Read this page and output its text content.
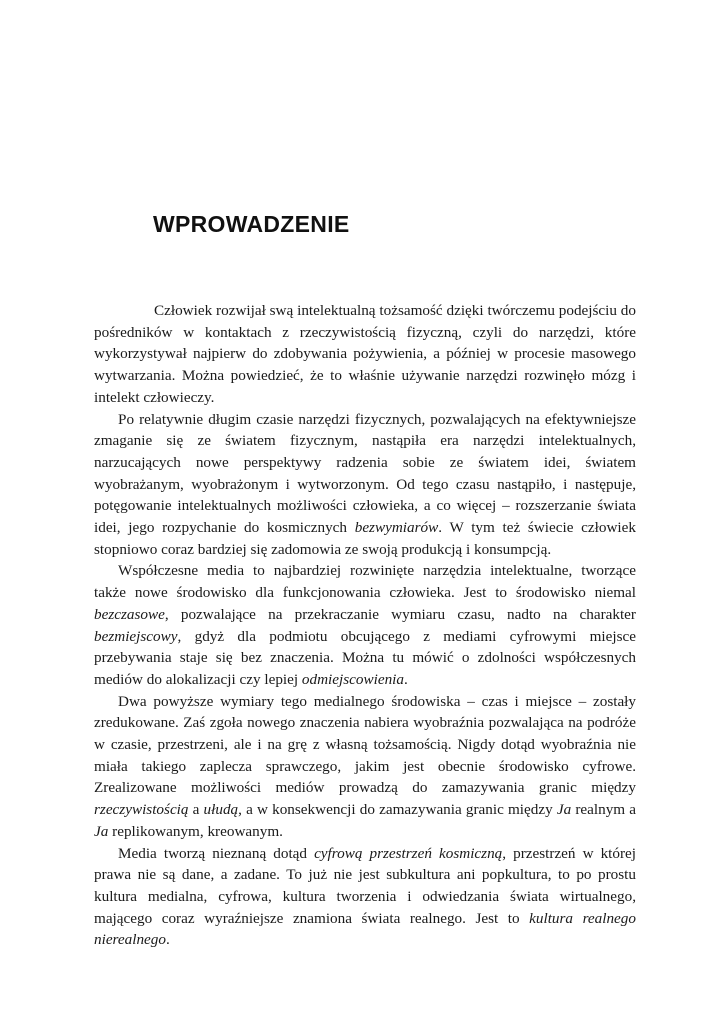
WPROWADZENIE

Człowiek rozwijał swą intelektualną tożsamość dzięki twórczemu podejściu do pośredników w kontaktach z rzeczywistością fizyczną, czyli do narzędzi, które wykorzystywał najpierw do zdobywania pożywienia, a później w procesie masowego wytwarzania. Można powiedzieć, że to właśnie używanie narzędzi rozwinęło mózg i intelekt człowieczy.

Po relatywnie długim czasie narzędzi fizycznych, pozwalających na efektywniejsze zmaganie się ze światem fizycznym, nastąpiła era narzędzi intelektualnych, narzucających nowe perspektywy radzenia sobie ze światem idei, światem wyobrażanym, wyobrażonym i wytworzonym. Od tego czasu nastąpiło, i następuje, potęgowanie intelektualnych możliwości człowieka, a co więcej – rozszerzanie świata idei, jego rozpychanie do kosmicznych bezwymiarów. W tym też świecie człowiek stopniowo coraz bardziej się zadomowia ze swoją produkcją i konsumpcją.

Współczesne media to najbardziej rozwinięte narzędzia intelektualne, tworzące także nowe środowisko dla funkcjonowania człowieka. Jest to środowisko niemal bezczasowe, pozwalające na przekraczanie wymiaru czasu, nadto na charakter bezmiejscowy, gdyż dla podmiotu obcującego z mediami cyfrowymi miejsce przebywania staje się bez znaczenia. Można tu mówić o zdolności współczesnych mediów do alokalizacji czy lepiej odmiejscowienia.

Dwa powyższe wymiary tego medialnego środowiska – czas i miejsce – zostały zredukowane. Zaś zgoła nowego znaczenia nabiera wyobraźnia pozwalająca na podróże w czasie, przestrzeni, ale i na grę z własną tożsamością. Nigdy dotąd wyobraźnia nie miała takiego zaplecza sprawczego, jakim jest obecnie środowisko cyfrowe. Zrealizowane możliwości mediów prowadzą do zamazywania granic między rzeczywistością a ułudą, a w konsekwencji do zamazywania granic między Ja realnym a Ja replikowanym, kreowanym.

Media tworzą nieznaną dotąd cyfrową przestrzeń kosmiczną, przestrzeń w której prawa nie są dane, a zadane. To już nie jest subkultura ani popkultura, to po prostu kultura medialna, cyfrowa, kultura tworzenia i odwiedzania świata wirtualnego, mającego coraz wyraźniejsze znamiona świata realnego. Jest to kultura realnego nierealnego.
